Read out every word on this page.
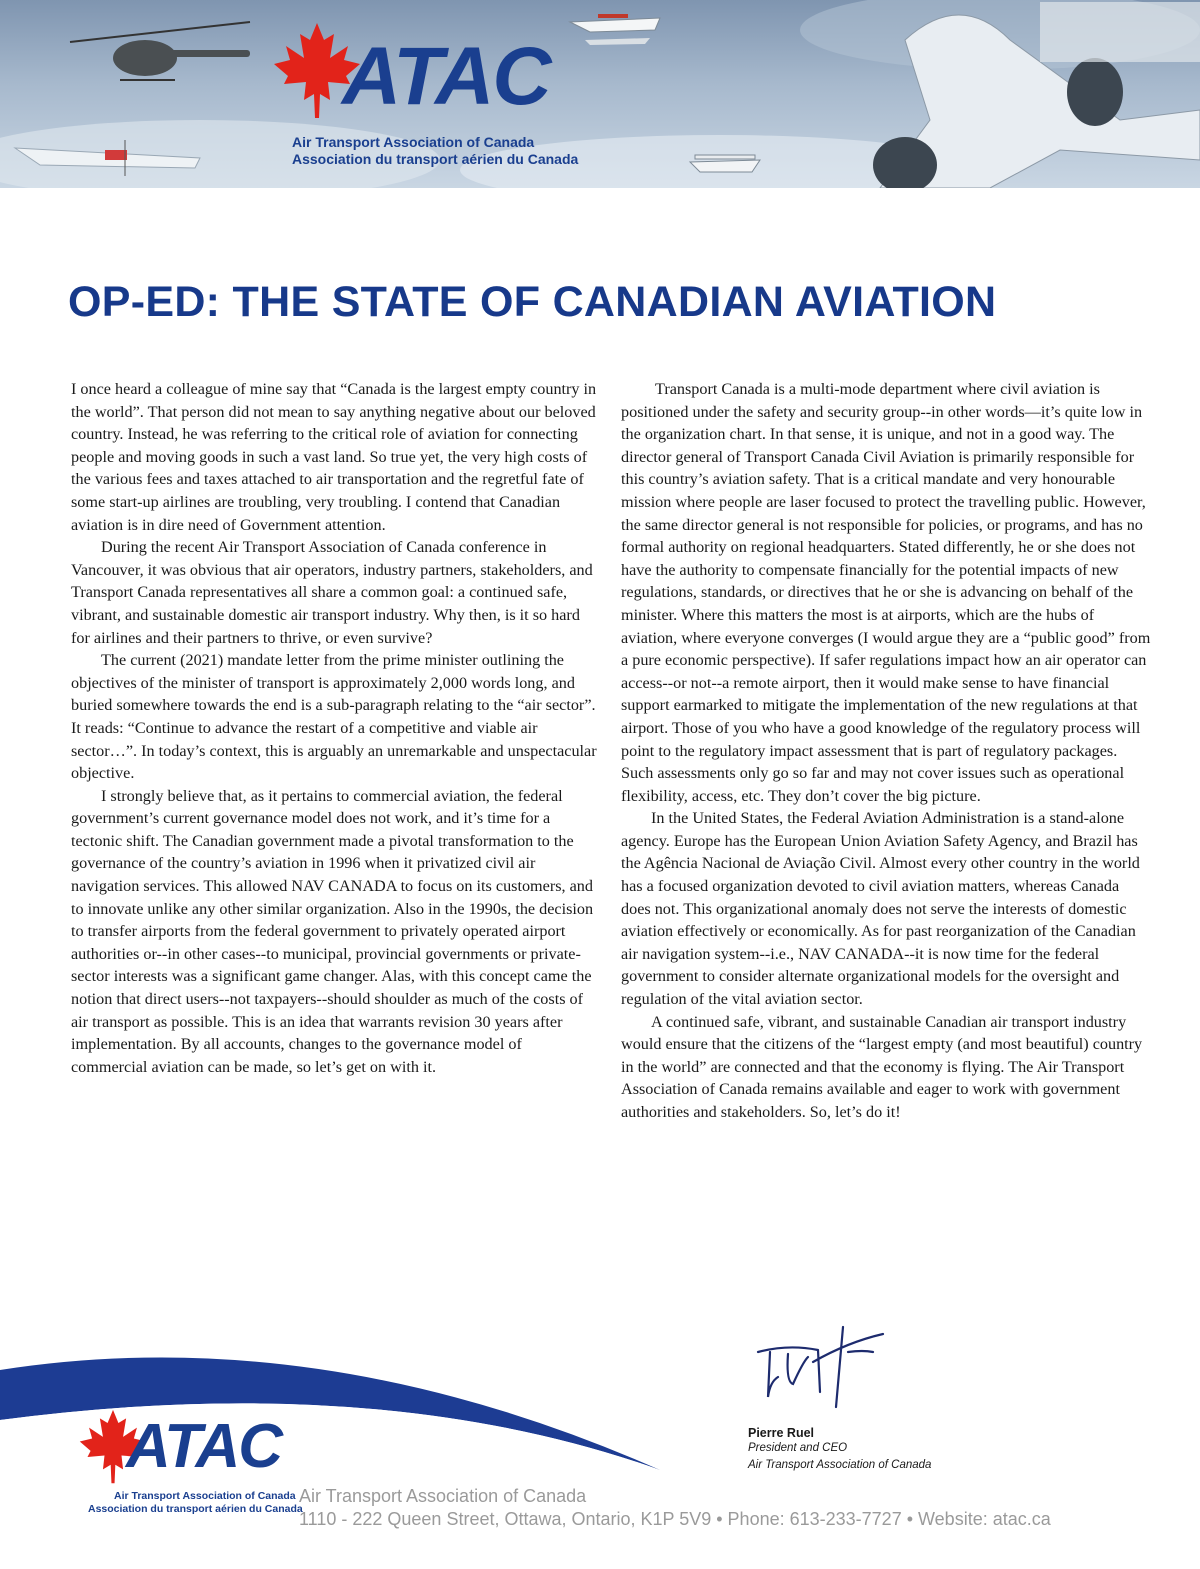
ATAC
Air Transport Association of Canada
Association du transport aérien du Canada
OP-ED: THE STATE OF CANADIAN AVIATION

I once heard a colleague of mine say that “Canada is the largest empty country in the world”. That person did not mean to say anything negative about our beloved country. Instead, he was referring to the critical role of aviation for connecting people and moving goods in such a vast land. So true yet, the very high costs of the various fees and taxes attached to air transportation and the regretful fate of some start-up airlines are troubling, very troubling. I contend that Canadian aviation is in dire need of Government attention.

During the recent Air Transport Association of Canada conference in Vancouver, it was obvious that air operators, industry partners, stakeholders, and Transport Canada representatives all share a common goal: a continued safe, vibrant, and sustainable domestic air transport industry. Why then, is it so hard for airlines and their partners to thrive, or even survive?

The current (2021) mandate letter from the prime minister outlining the objectives of the minister of transport is approximately 2,000 words long, and buried somewhere towards the end is a sub-paragraph relating to the “air sector”. It reads: “Continue to advance the restart of a competitive and viable air sector…”. In today’s context, this is arguably an unremarkable and unspectacular objective.

I strongly believe that, as it pertains to commercial aviation, the federal government’s current governance model does not work, and it’s time for a tectonic shift. The Canadian government made a pivotal transformation to the governance of the country’s aviation in 1996 when it privatized civil air navigation services. This allowed NAV CANADA to focus on its customers, and to innovate unlike any other similar organization. Also in the 1990s, the decision to transfer airports from the federal government to privately operated airport authorities or--in other cases--to municipal, provincial governments or private-sector interests was a significant game changer. Alas, with this concept came the notion that direct users--not taxpayers--should shoulder as much of the costs of air transport as possible. This is an idea that warrants revision 30 years after implementation. By all accounts, changes to the governance model of commercial aviation can be made, so let’s get on with it.

Transport Canada is a multi-mode department where civil aviation is positioned under the safety and security group--in other words—it’s quite low in the organization chart. In that sense, it is unique, and not in a good way. The director general of Transport Canada Civil Aviation is primarily responsible for this country’s aviation safety. That is a critical mandate and very honourable mission where people are laser focused to protect the travelling public. However, the same director general is not responsible for policies, or programs, and has no formal authority on regional headquarters. Stated differently, he or she does not have the authority to compensate financially for the potential impacts of new regulations, standards, or directives that he or she is advancing on behalf of the minister. Where this matters the most is at airports, which are the hubs of aviation, where everyone converges (I would argue they are a “public good” from a pure economic perspective). If safer regulations impact how an air operator can access--or not--a remote airport, then it would make sense to have financial support earmarked to mitigate the implementation of the new regulations at that airport. Those of you who have a good knowledge of the regulatory process will point to the regulatory impact assessment that is part of regulatory packages. Such assessments only go so far and may not cover issues such as operational flexibility, access, etc. They don’t cover the big picture.

In the United States, the Federal Aviation Administration is a stand-alone agency. Europe has the European Union Aviation Safety Agency, and Brazil has the Agência Nacional de Aviação Civil. Almost every other country in the world has a focused organization devoted to civil aviation matters, whereas Canada does not. This organizational anomaly does not serve the interests of domestic aviation effectively or economically. As for past reorganization of the Canadian air navigation system--i.e., NAV CANADA--it is now time for the federal government to consider alternate organizational models for the oversight and regulation of the vital aviation sector.

A continued safe, vibrant, and sustainable Canadian air transport industry would ensure that the citizens of the “largest empty (and most beautiful) country in the world” are connected and that the economy is flying. The Air Transport Association of Canada remains available and eager to work with government authorities and stakeholders. So, let’s do it!

Pierre Ruel

President and CEO

Air Transport Association of Canada

ATAC
Air Transport Association of Canada
Association du transport aérien du Canada

Air Transport Association of Canada

1110 - 222 Queen Street, Ottawa, Ontario, K1P 5V9 • Phone: 613-233-7727 • Website: atac.ca
